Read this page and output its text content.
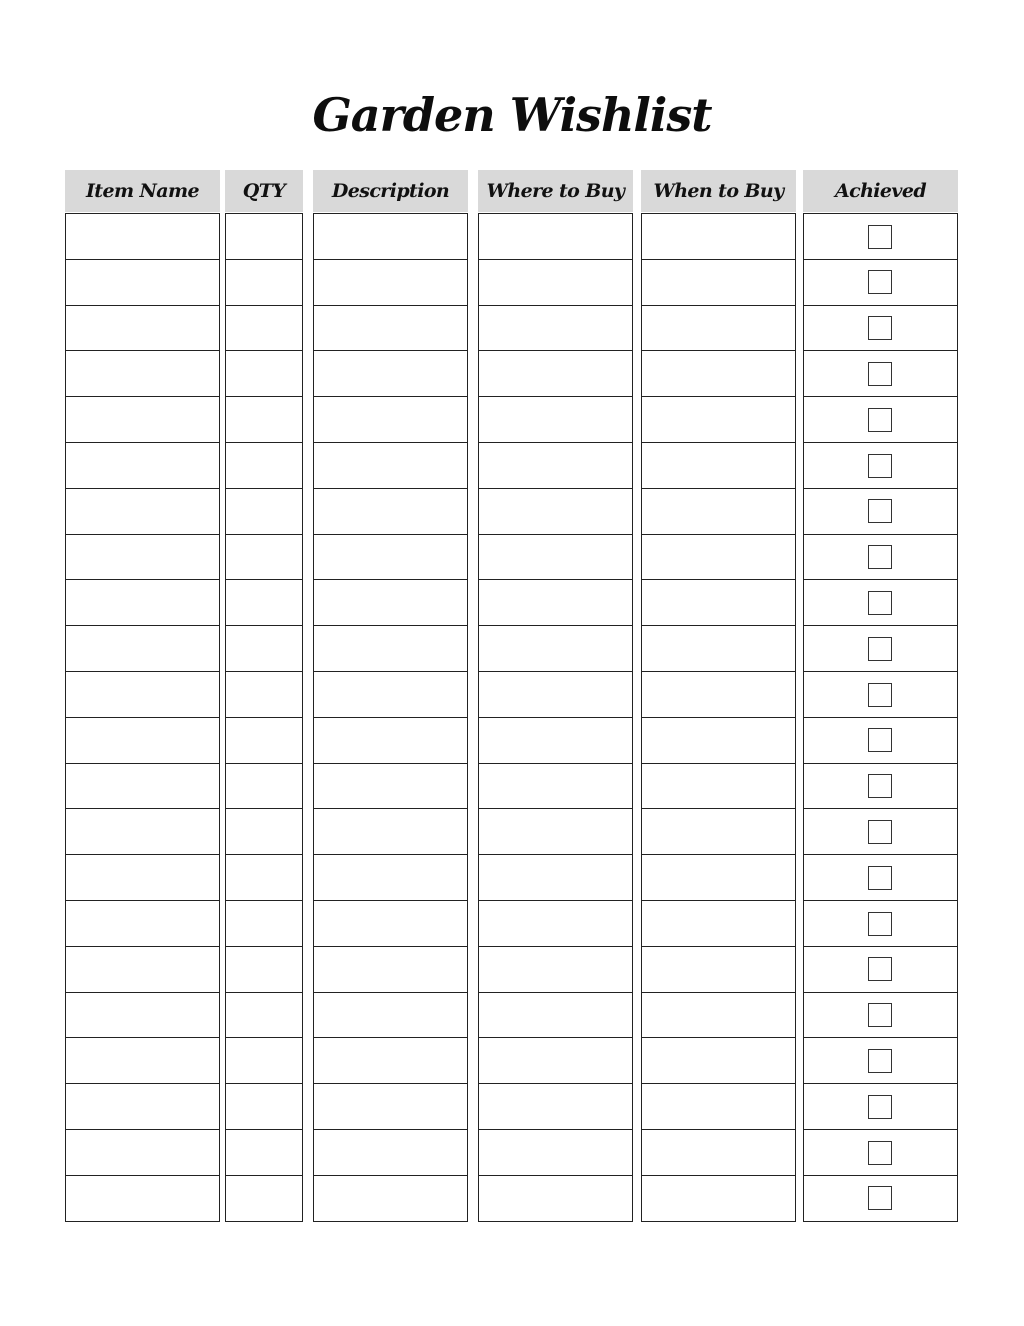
Garden Wishlist
Item Name	QTY	Description	Where to Buy	When to Buy	Achieved
